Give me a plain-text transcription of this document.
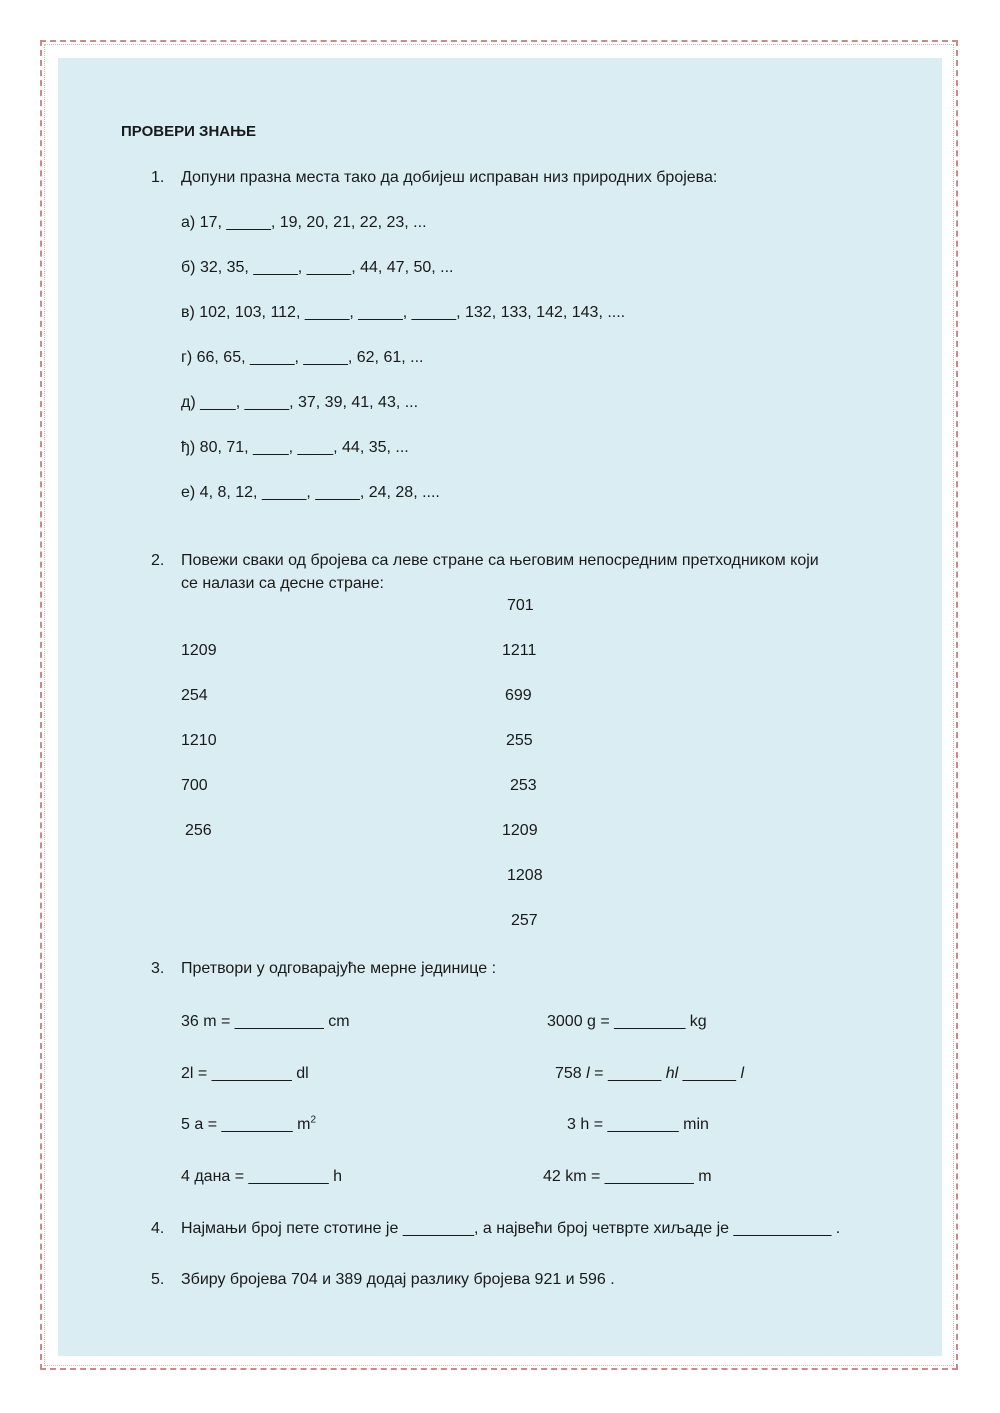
ПРОВЕРИ ЗНАЊЕ
1. Допуни празна места тако да добијеш исправан низ природних бројева:
а) 17, _____, 19, 20, 21, 22, 23, ...
б) 32, 35, _____, _____, 44, 47, 50, ...
в) 102, 103, 112, _____, _____, _____, 132, 133, 142, 143, ....
г) 66, 65, _____, _____, 62, 61, ...
д) ____, _____, 37, 39, 41, 43, ...
ђ) 80, 71, ____, ____, 44, 35, ...
е) 4, 8, 12, _____, _____, 24, 28, ....
2. Повежи сваки од бројева са леве стране са његовим непосредним претходником који
се налази са десне стране:
1209
254
1210
700
256
701
1211
699
255
253
1209
1208
257
3. Претвори у одговарајуће мерне јединице :
36 m = __________ cm	3000 g = ________ kg
2l = _________ dl	758 l = ______ hl ______ l
5 a = ________ $m^2$	3 h = ________ min
4 дана = _________ h	42 km = __________ m
4. Најмањи број пете стотине је ________, а највећи број четврте хиљаде је ___________ .
5. Збиру бројева 704 и 389 додај разлику бројева 921 и 596 .
